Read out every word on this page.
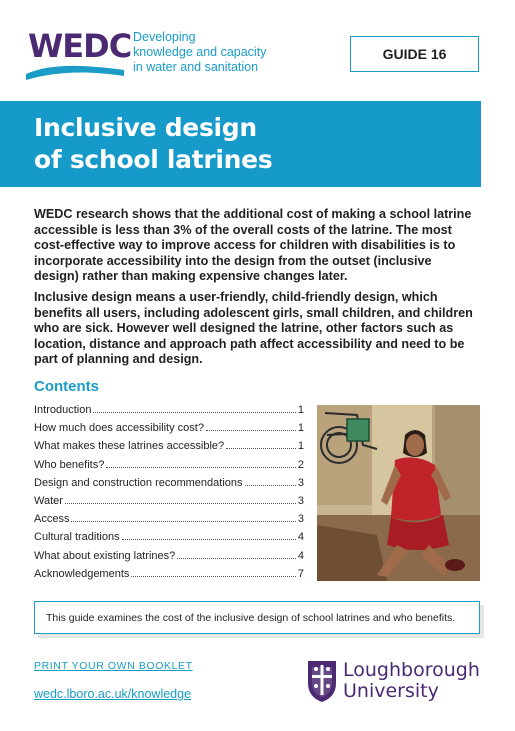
WEDC Developing
knowledge and capacity
in water and sanitation
GUIDE 16
Inclusive design
of school latrines

WEDC research shows that the additional cost of making a school latrine accessible is less than 3% of the overall costs of the latrine. The most cost-effective way to improve access for children with disabilities is to incorporate accessibility into the design from the outset (inclusive design) rather than making expensive changes later.

Inclusive design means a user-friendly, child-friendly design, which benefits all users, including adolescent girls, small children, and children who are sick. However well designed the latrine, other factors such as location, distance and approach path affect accessibility and need to be part of planning and design.

Contents
Introduction	1
How much does accessibility cost?	1
What makes these latrines accessible?	1
Who benefits?	2
Design and construction recommendations	3
Water	3
Access	3
Cultural traditions	4
What about existing latrines?	4
Acknowledgements	7
This guide examines the cost of the inclusive design of school latrines and who benefits.
PRINT YOUR OWN BOOKLET
wedc.lboro.ac.uk/knowledge
Loughborough
University
